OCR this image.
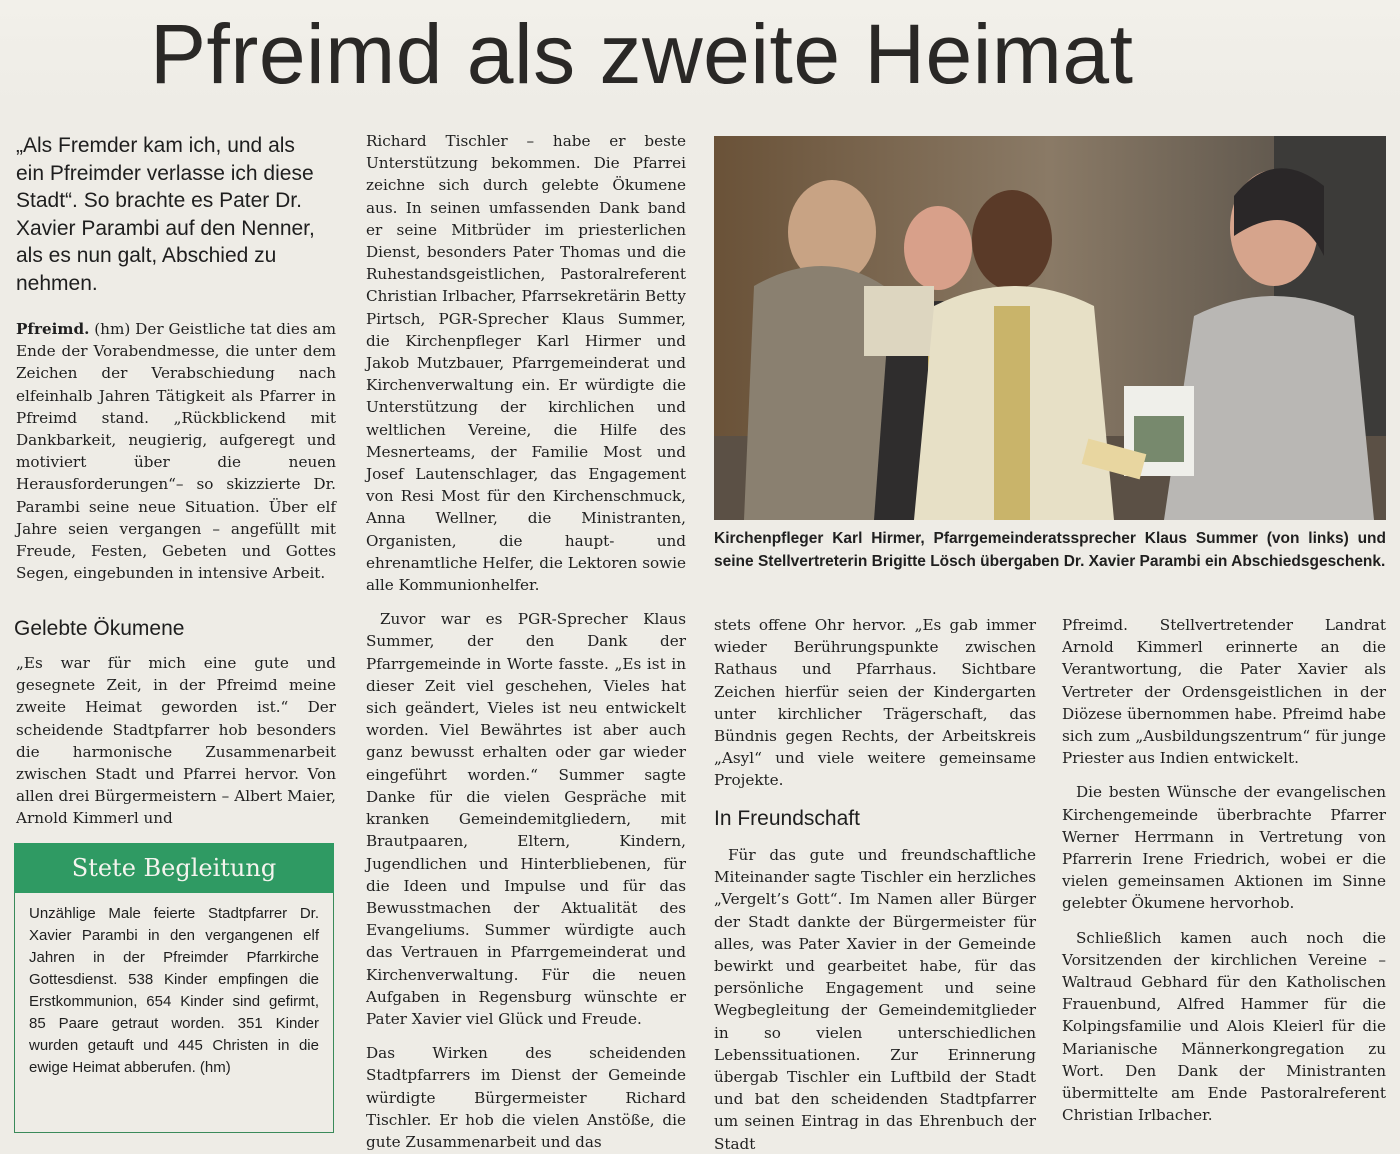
Pfreimd als zweite Heimat
„Als Fremder kam ich, und als ein Pfreimder verlasse ich diese Stadt“. So brachte es Pater Dr. Xavier Parambi auf den Nenner, als es nun galt, Abschied zu nehmen.

Pfreimd. (hm) Der Geistliche tat dies am Ende der Vorabendmesse, die unter dem Zeichen der Verabschiedung nach elfeinhalb Jahren Tätigkeit als Pfarrer in Pfreimd stand. „Rückblickend mit Dankbarkeit, neugierig, aufgeregt und motiviert über die neuen Herausforderungen“– so skizzierte Dr. Parambi seine neue Situation. Über elf Jahre seien vergangen – angefüllt mit Freude, Festen, Gebeten und Gottes Segen, eingebunden in intensive Arbeit.

Gelebte Ökumene

„Es war für mich eine gute und gesegnete Zeit, in der Pfreimd meine zweite Heimat geworden ist.“ Der scheidende Stadtpfarrer hob besonders die harmonische Zusammenarbeit zwischen Stadt und Pfarrei hervor. Von allen drei Bürgermeistern – Albert Maier, Arnold Kimmerl und

Stete Begleitung

Unzählige Male feierte Stadtpfarrer Dr. Xavier Parambi in den vergangenen elf Jahren in der Pfreimder Pfarrkirche Gottesdienst. 538 Kinder empfingen die Erstkommunion, 654 Kinder sind gefirmt, 85 Paare getraut worden. 351 Kinder wurden getauft und 445 Christen in die ewige Heimat abberufen. (hm)

Richard Tischler – habe er beste Unterstützung bekommen. Die Pfarrei zeichne sich durch gelebte Ökumene aus. In seinen umfassenden Dank band er seine Mitbrüder im priesterlichen Dienst, besonders Pater Thomas und die Ruhestandsgeistlichen, Pastoralreferent Christian Irlbacher, Pfarrsekretärin Betty Pirtsch, PGR-Sprecher Klaus Summer, die Kirchenpfleger Karl Hirmer und Jakob Mutzbauer, Pfarrgemeinderat und Kirchenverwaltung ein. Er würdigte die Unterstützung der kirchlichen und weltlichen Vereine, die Hilfe des Mesnerteams, der Familie Most und Josef Lautenschlager, das Engagement von Resi Most für den Kirchenschmuck, Anna Wellner, die Ministranten, Organisten, die haupt- und ehrenamtliche Helfer, die Lektoren sowie alle Kommunionhelfer.

Zuvor war es PGR-Sprecher Klaus Summer, der den Dank der Pfarrgemeinde in Worte fasste. „Es ist in dieser Zeit viel geschehen, Vieles hat sich geändert, Vieles ist neu entwickelt worden. Viel Bewährtes ist aber auch ganz bewusst erhalten oder gar wieder eingeführt worden.“ Summer sagte Danke für die vielen Gespräche mit kranken Gemeindemitgliedern, mit Brautpaaren, Eltern, Kindern, Jugendlichen und Hinterbliebenen, für die Ideen und Impulse und für das Bewusstmachen der Aktualität des Evangeliums. Summer würdigte auch das Vertrauen in Pfarrgemeinderat und Kirchenverwaltung. Für die neuen Aufgaben in Regensburg wünschte er Pater Xavier viel Glück und Freude.

Das Wirken des scheidenden Stadtpfarrers im Dienst der Gemeinde würdigte Bürgermeister Richard Tischler. Er hob die vielen Anstöße, die gute Zusammenarbeit und das

Kirchenpfleger Karl Hirmer, Pfarrgemeinderatssprecher Klaus Summer (von links) und seine Stellvertreterin Brigitte Lösch übergaben Dr. Xavier Parambi ein Abschiedsgeschenk.

stets offene Ohr hervor. „Es gab immer wieder Berührungspunkte zwischen Rathaus und Pfarrhaus. Sichtbare Zeichen hierfür seien der Kindergarten unter kirchlicher Trägerschaft, das Bündnis gegen Rechts, der Arbeitskreis „Asyl“ und viele weitere gemeinsame Projekte.

In Freundschaft

Für das gute und freundschaftliche Miteinander sagte Tischler ein herzliches „Vergelt’s Gott“. Im Namen aller Bürger der Stadt dankte der Bürgermeister für alles, was Pater Xavier in der Gemeinde bewirkt und gearbeitet habe, für das persönliche Engagement und seine Wegbegleitung der Gemeindemitglieder in so vielen unterschiedlichen Lebenssituationen. Zur Erinnerung übergab Tischler ein Luftbild der Stadt und bat den scheidenden Stadtpfarrer um seinen Eintrag in das Ehrenbuch der Stadt

Pfreimd. Stellvertretender Landrat Arnold Kimmerl erinnerte an die Verantwortung, die Pater Xavier als Vertreter der Ordensgeistlichen in der Diözese übernommen habe. Pfreimd habe sich zum „Ausbildungszentrum“ für junge Priester aus Indien entwickelt.

Die besten Wünsche der evangelischen Kirchengemeinde überbrachte Pfarrer Werner Herrmann in Vertretung von Pfarrerin Irene Friedrich, wobei er die vielen gemeinsamen Aktionen im Sinne gelebter Ökumene hervorhob.

Schließlich kamen auch noch die Vorsitzenden der kirchlichen Vereine – Waltraud Gebhard für den Katholischen Frauenbund, Alfred Hammer für die Kolpingsfamilie und Alois Kleierl für die Marianische Männerkongregation zu Wort. Den Dank der Ministranten übermittelte am Ende Pastoralreferent Christian Irlbacher.
